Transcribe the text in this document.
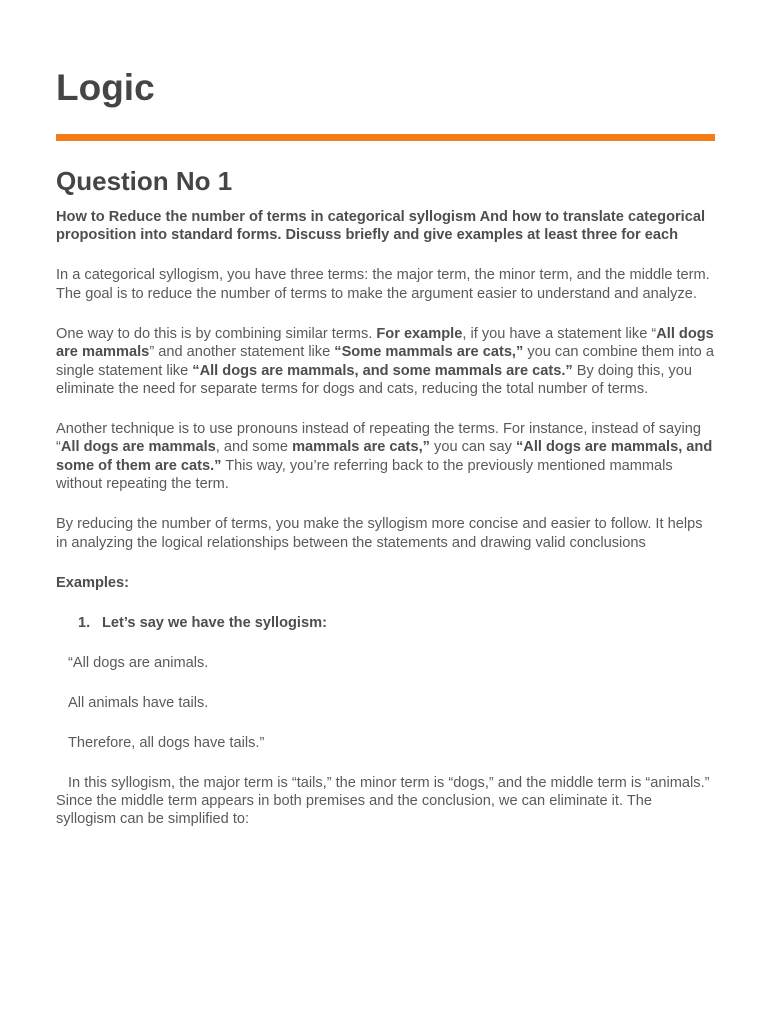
Logic
Question No 1

How to Reduce the number of terms in categorical syllogism And how to translate categorical proposition into standard forms. Discuss briefly and give examples at least three for each

In a categorical syllogism, you have three terms: the major term, the minor term, and the middle term. The goal is to reduce the number of terms to make the argument easier to understand and analyze.

One way to do this is by combining similar terms. For example, if you have a statement like “All dogs are mammals” and another statement like “Some mammals are cats,” you can combine them into a single statement like “All dogs are mammals, and some mammals are cats.” By doing this, you eliminate the need for separate terms for dogs and cats, reducing the total number of terms.

Another technique is to use pronouns instead of repeating the terms. For instance, instead of saying “All dogs are mammals, and some mammals are cats,” you can say “All dogs are mammals, and some of them are cats.” This way, you’re referring back to the previously mentioned mammals without repeating the term.

By reducing the number of terms, you make the syllogism more concise and easier to follow. It helps in analyzing the logical relationships between the statements and drawing valid conclusions

Examples:

1. Let’s say we have the syllogism:

“All dogs are animals.

All animals have tails.

Therefore, all dogs have tails.”

In this syllogism, the major term is “tails,” the minor term is “dogs,” and the middle term is “animals.” Since the middle term appears in both premises and the conclusion, we can eliminate it. The syllogism can be simplified to:
